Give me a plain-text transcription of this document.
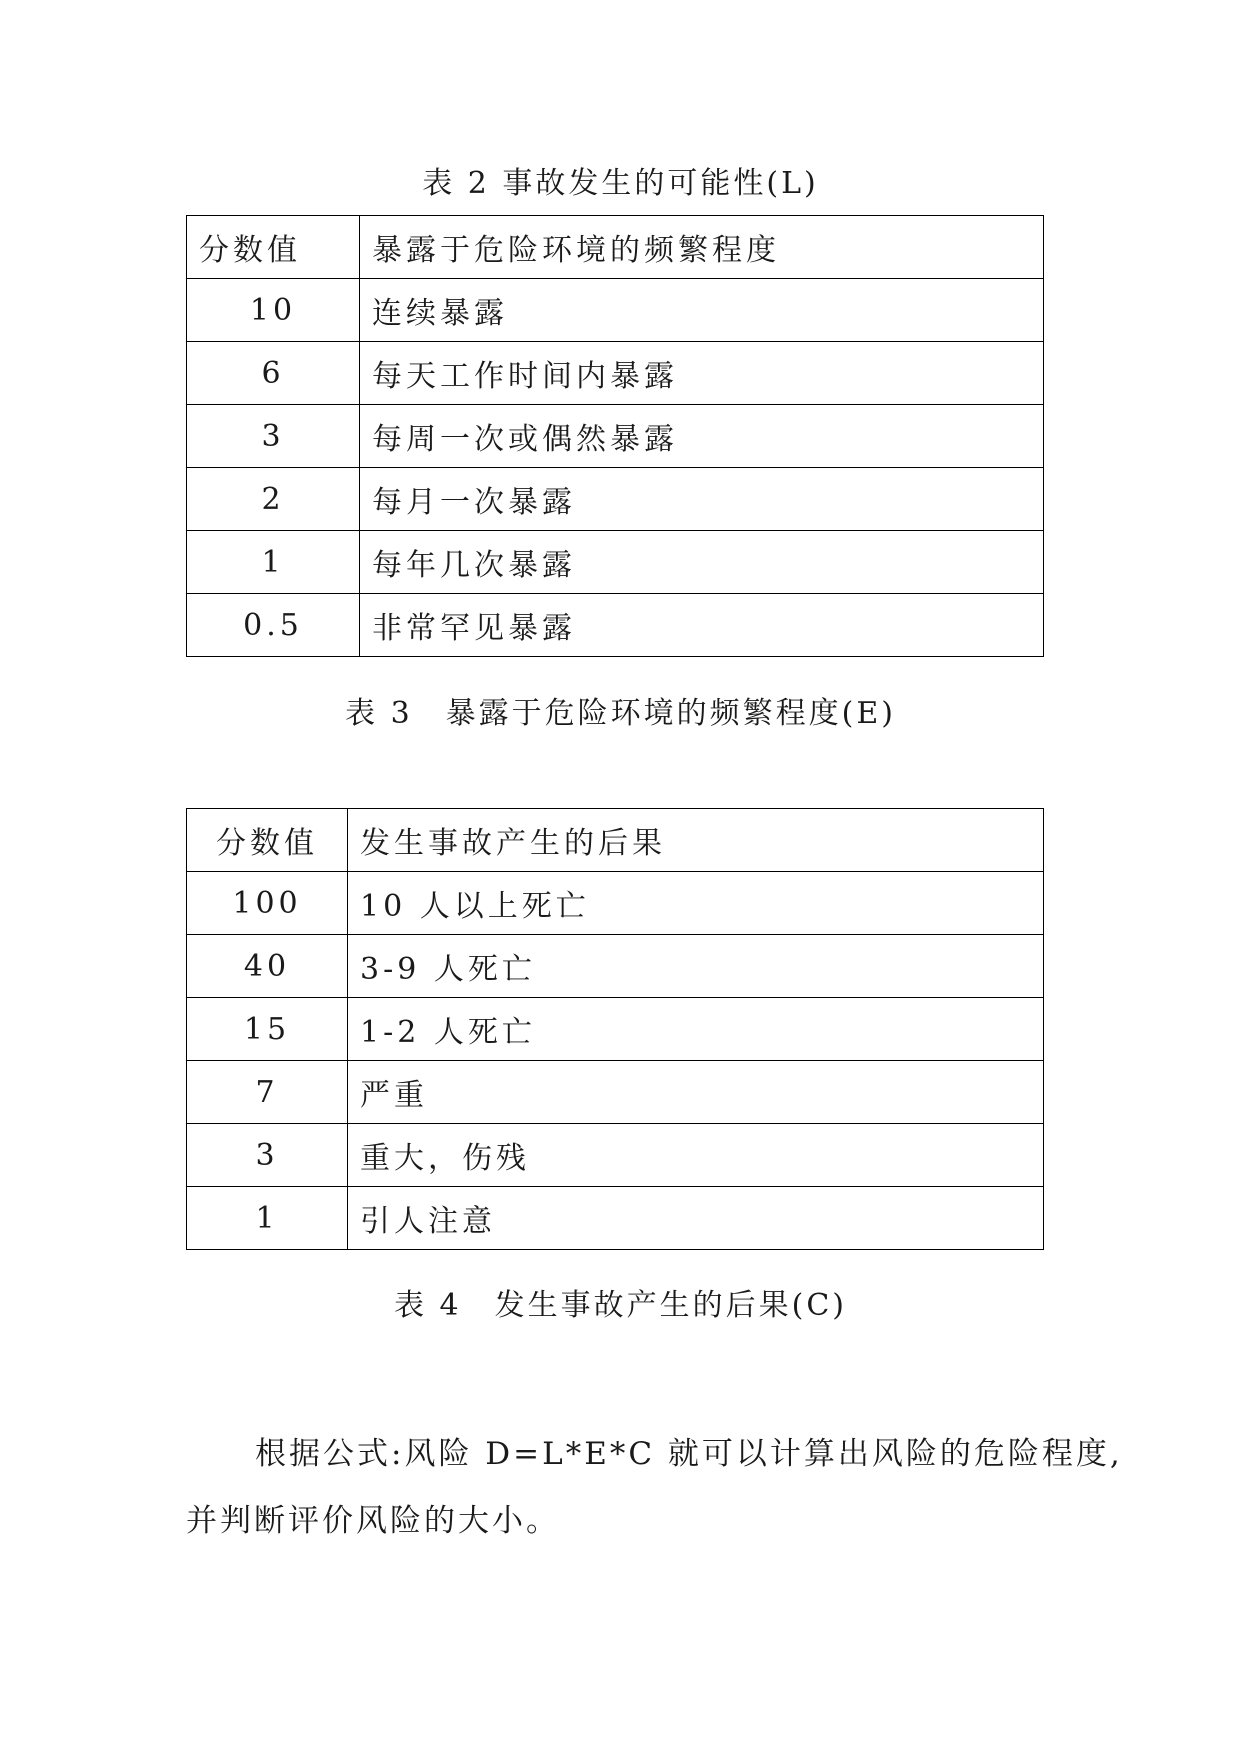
表 2 事故发生的可能性(L)
分数值	暴露于危险环境的频繁程度
10	连续暴露
6	每天工作时间内暴露
3	每周一次或偶然暴露
2	每月一次暴露
1	每年几次暴露
0.5	非常罕见暴露
表 3　暴露于危险环境的频繁程度(E)
分数值	发生事故产生的后果
100	10 人以上死亡
40	3-9 人死亡
15	1-2 人死亡
7	严重
3	重大，伤残
1	引人注意
表 4　发生事故产生的后果(C)
根据公式:风险 D=L*E*C 就可以计算出风险的危险程度,
并判断评价风险的大小。
